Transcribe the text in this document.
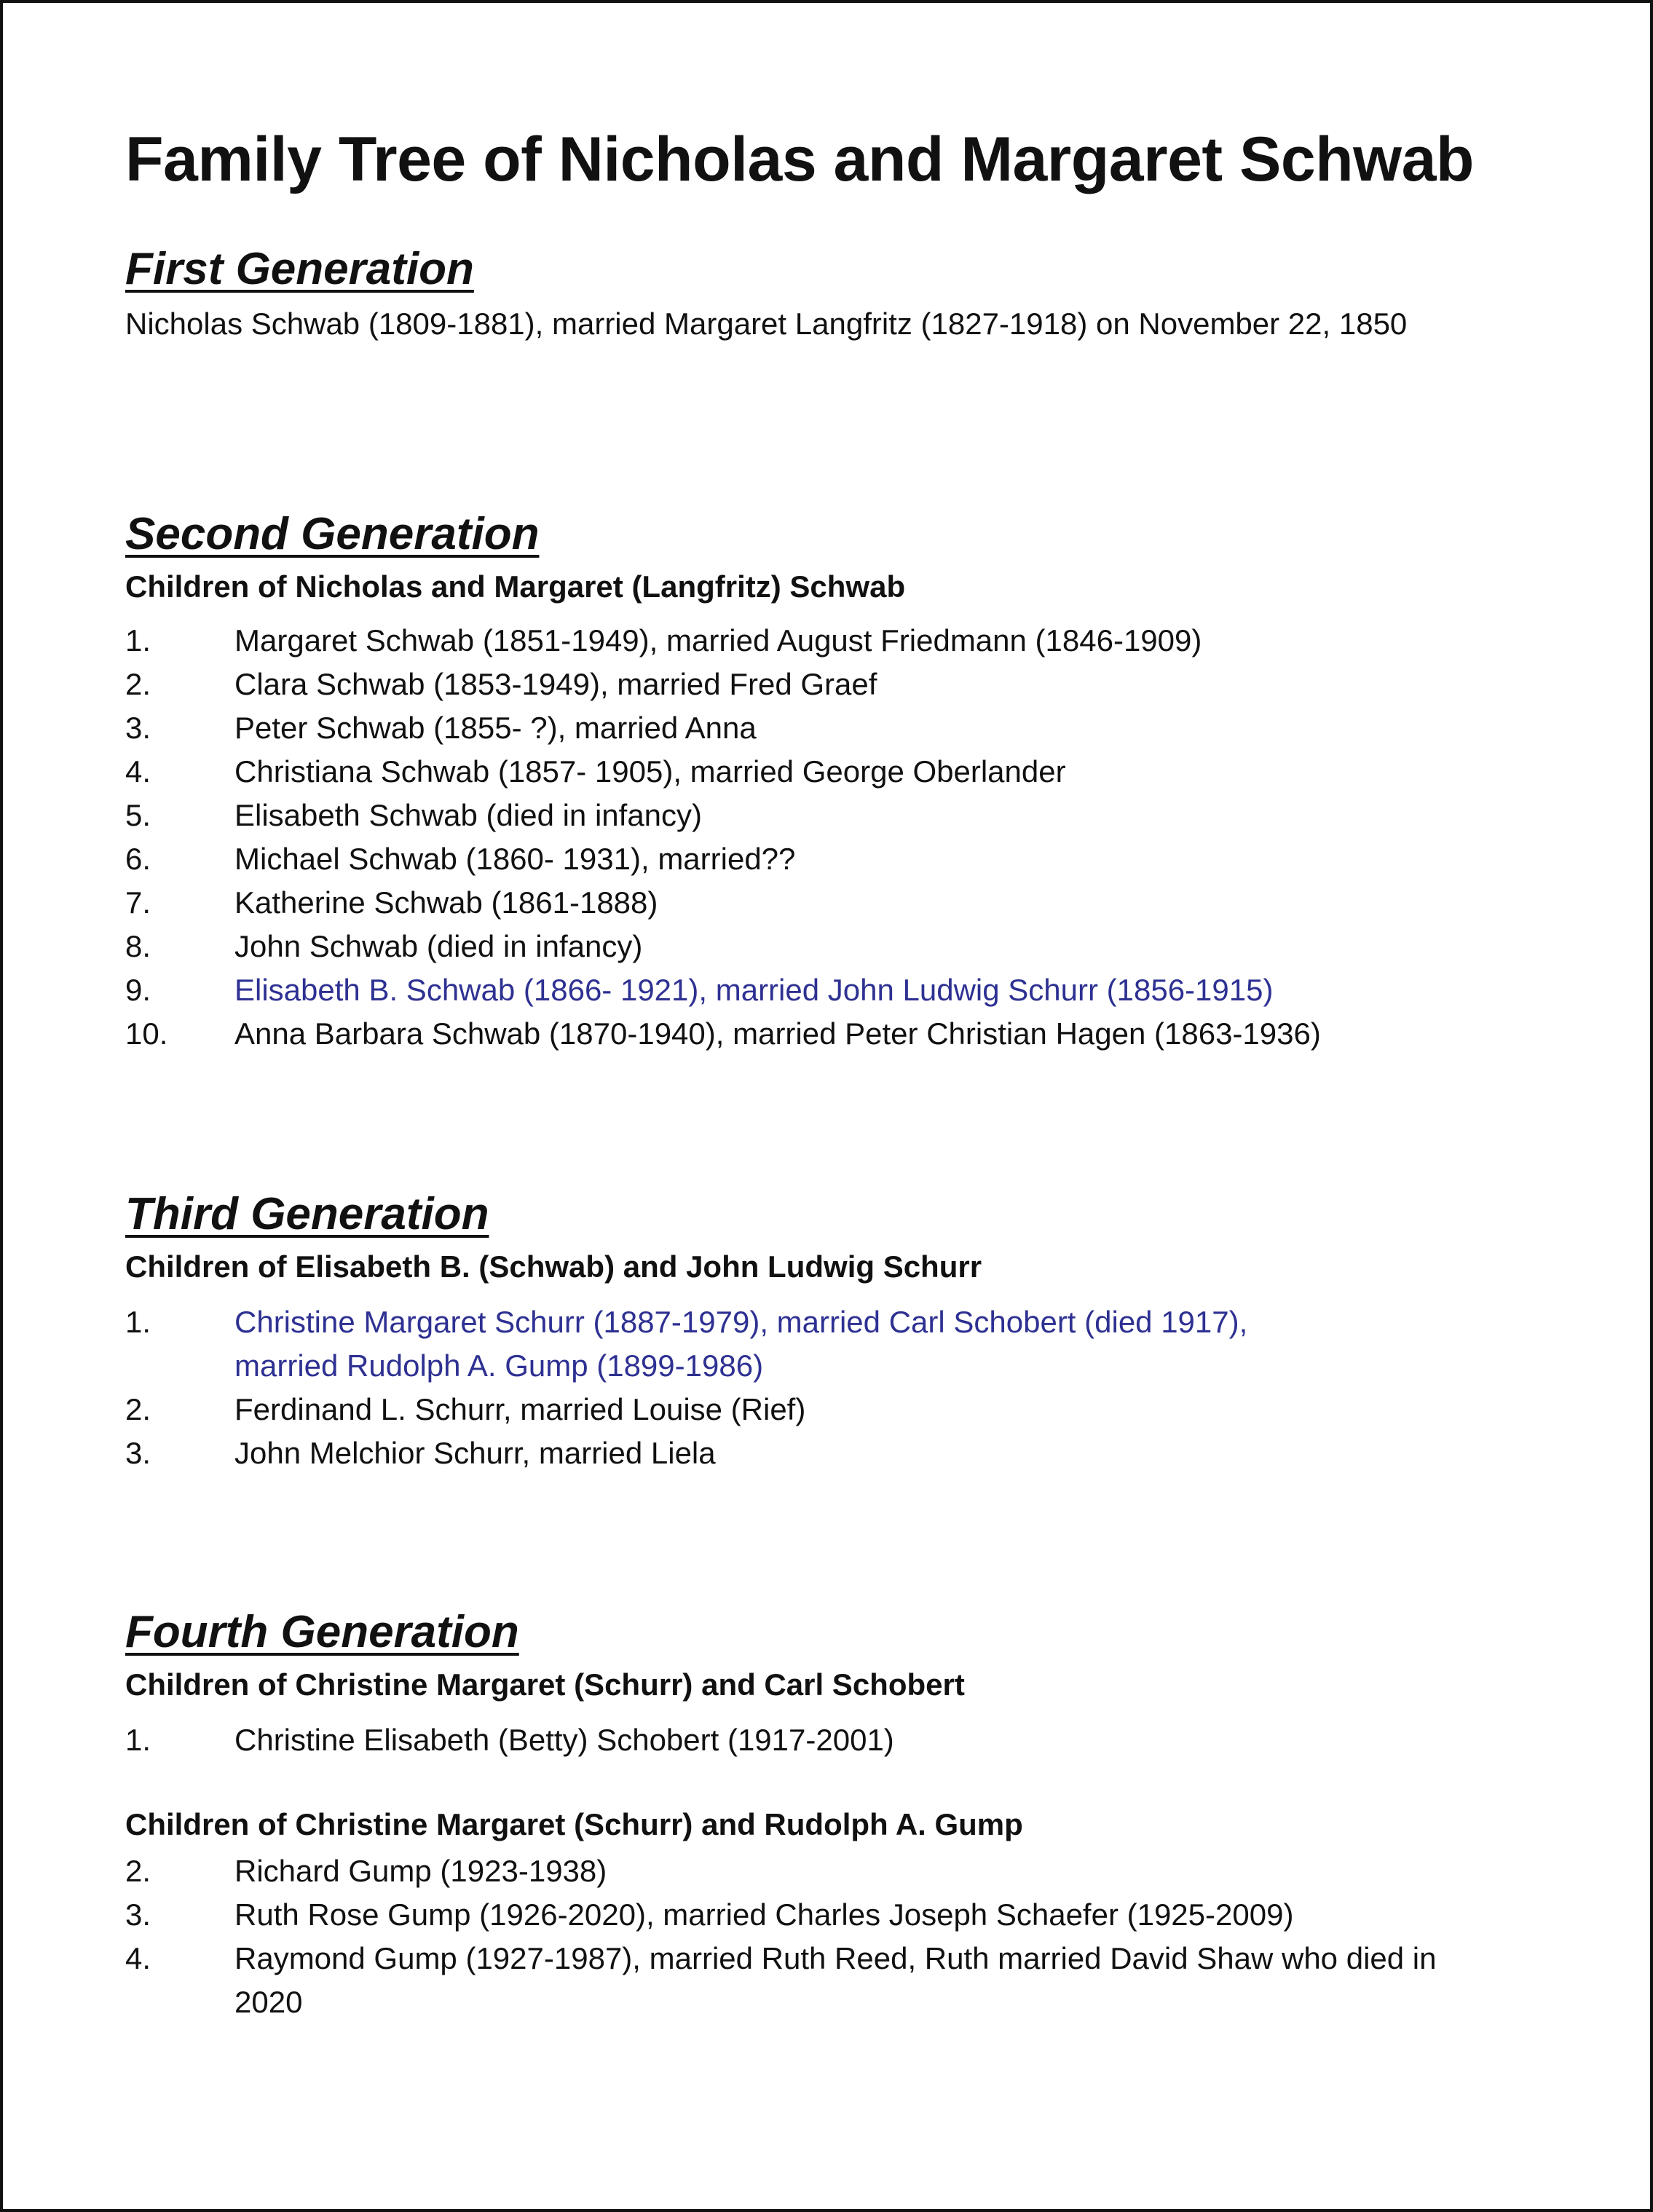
Family Tree of Nicholas and Margaret Schwab
First Generation

Nicholas Schwab (1809-1881), married Margaret Langfritz (1827-1918) on November 22, 1850

Second Generation

Children of Nicholas and Margaret (Langfritz) Schwab

1.	Margaret Schwab (1851-1949), married August Friedmann (1846-1909)
2.	Clara Schwab (1853-1949), married Fred Graef
3.	Peter Schwab (1855- ?), married Anna
4.	Christiana Schwab (1857- 1905), married George Oberlander
5.	Elisabeth Schwab (died in infancy)
6.	Michael Schwab (1860- 1931), married??
7.	Katherine Schwab (1861-1888)
8.	John Schwab (died in infancy)
9.	Elisabeth B. Schwab (1866- 1921), married John Ludwig Schurr (1856-1915)
10.	Anna Barbara Schwab (1870-1940), married Peter Christian Hagen (1863-1936)
Third Generation

Children of Elisabeth B. (Schwab) and John Ludwig Schurr

1.	Christine Margaret Schurr (1887-1979), married Carl Schobert (died 1917),
married Rudolph A. Gump (1899-1986)
2.	Ferdinand L. Schurr, married Louise (Rief)
3.	John Melchior Schurr, married Liela
Fourth Generation

Children of Christine Margaret (Schurr) and Carl Schobert

1.	Christine Elisabeth (Betty) Schobert (1917-2001)

Children of Christine Margaret (Schurr) and Rudolph A. Gump

2.	Richard Gump (1923-1938)
3.	Ruth Rose Gump (1926-2020), married Charles Joseph Schaefer (1925-2009)
4.	Raymond Gump (1927-1987), married Ruth Reed, Ruth married David Shaw who died in
2020
